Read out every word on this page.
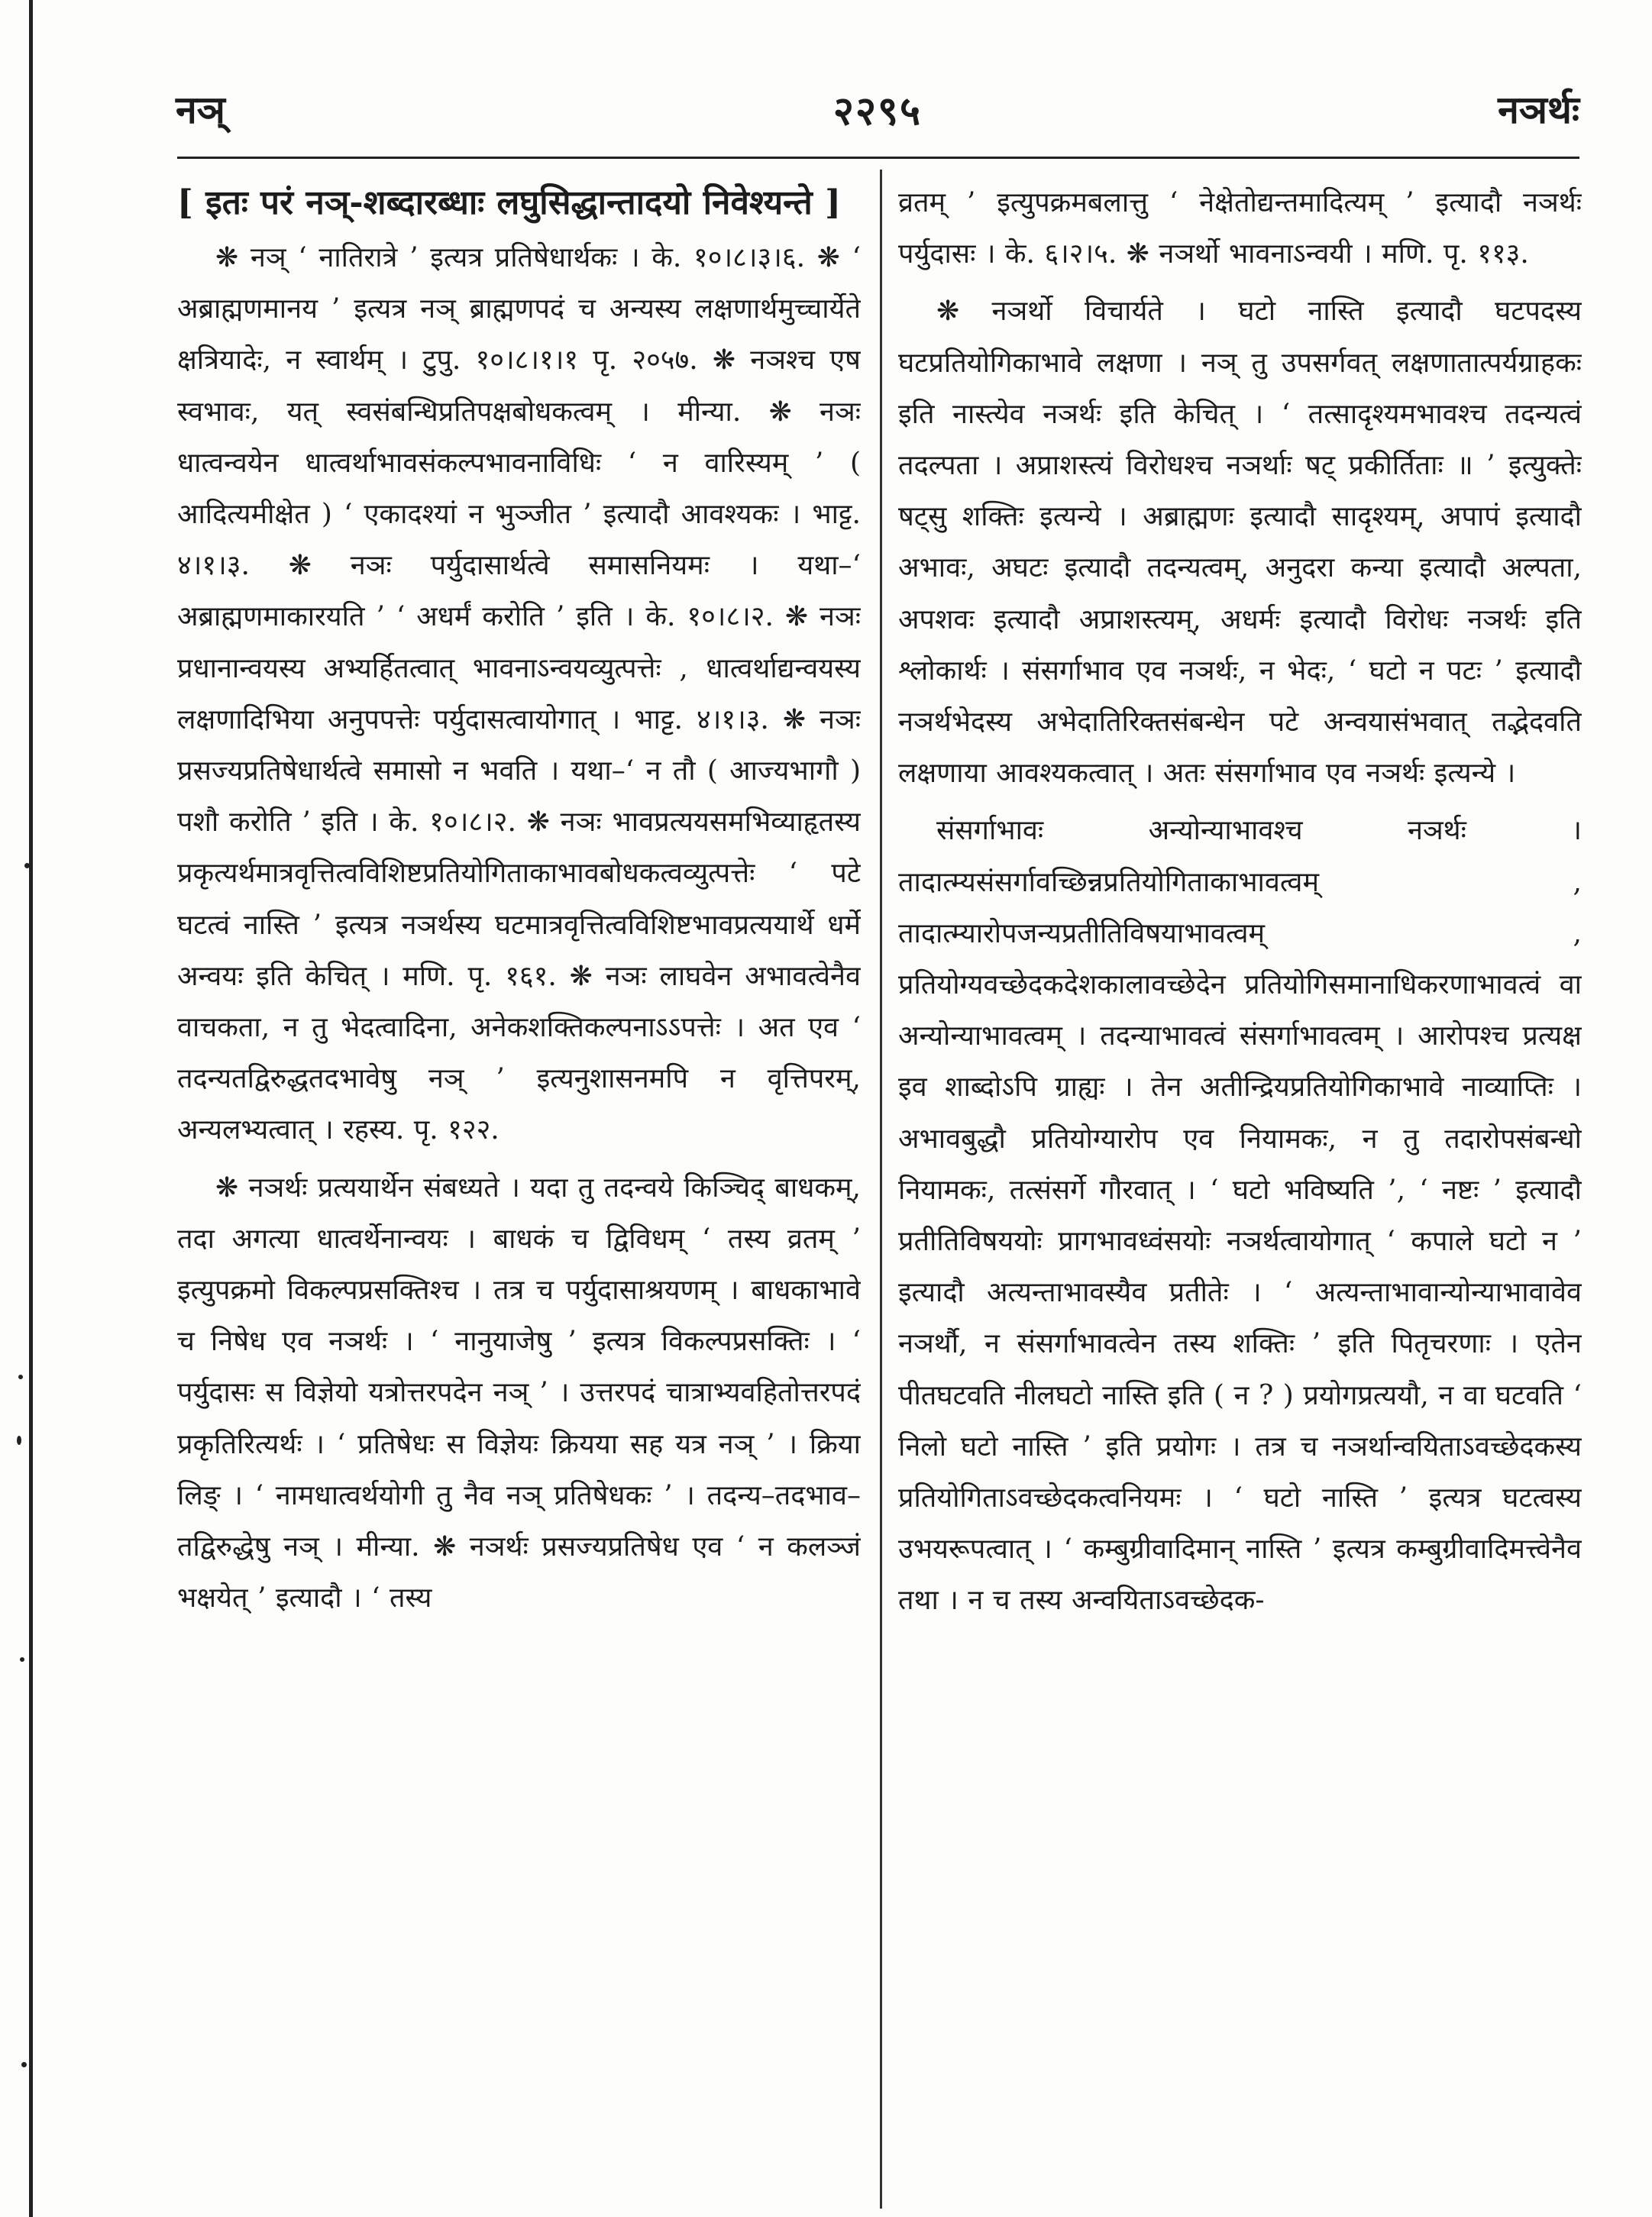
नञ्	२२९५	नञर्थः

[ इतः परं नञ्-शब्दारब्धाः लघुसिद्धान्तादयो निवेश्यन्ते ]

❋ नञ् ‘ नातिरात्रे ’ इत्यत्र प्रतिषेधार्थकः । के. १०।८।३।६. ❋ ‘ अब्राह्मणमानय ’ इत्यत्र नञ् ब्राह्मणपदं च अन्यस्य लक्षणार्थमुच्चार्येते क्षत्रियादेः, न स्वार्थम् । टुपु. १०।८।१।१ पृ. २०५७. ❋ नञश्च एष स्वभावः, यत् स्वसंबन्धिप्रतिपक्षबोधकत्वम् । मीन्या. ❋ नञः धात्वन्वयेन धात्वर्थाभावसंकल्पभावनाविधिः ‘ न वारिस्यम् ’ ( आदित्यमीक्षेत ) ‘ एकादश्यां न भुञ्जीत ’ इत्यादौ आवश्यकः । भाट्ट. ४।१।३. ❋ नञः पर्युदासार्थत्वे समासनियमः । यथा–‘ अब्राह्मणमाकारयति ’ ‘ अधर्मं करोति ’ इति । के. १०।८।२. ❋ नञः प्रधानान्वयस्य अभ्यर्हितत्वात् भावनाऽन्वयव्युत्पत्तेः , धात्वर्थाद्यन्वयस्य लक्षणादिभिया अनुपपत्तेः पर्युदासत्वायोगात् । भाट्ट. ४।१।३. ❋ नञः प्रसज्यप्रतिषेधार्थत्वे समासो न भवति । यथा–‘ न तौ ( आज्यभागौ ) पशौ करोति ’ इति । के. १०।८।२. ❋ नञः भावप्रत्ययसमभिव्याहृतस्य प्रकृत्यर्थमात्रवृत्तित्वविशिष्टप्रतियोगिताकाभावबोधकत्वव्युत्पत्तेः ‘ पटे घटत्वं नास्ति ’ इत्यत्र नञर्थस्य घटमात्रवृत्तित्वविशिष्टभावप्रत्ययार्थे धर्मे अन्वयः इति केचित् । मणि. पृ. १६१. ❋ नञः लाघवेन अभावत्वेनैव वाचकता, न तु भेदत्वादिना, अनेकशक्तिकल्पनाऽऽपत्तेः । अत एव ‘ तदन्यतद्विरुद्धतदभावेषु नञ् ’ इत्यनुशासनमपि न वृत्तिपरम्, अन्यलभ्यत्वात् । रहस्य. पृ. १२२.

❋ नञर्थः प्रत्ययार्थेन संबध्यते । यदा तु तदन्वये किञ्चिद् बाधकम्, तदा अगत्या धात्वर्थेनान्वयः । बाधकं च द्विविधम् ‘ तस्य व्रतम् ’ इत्युपक्रमो विकल्पप्रसक्तिश्च । तत्र च पर्युदासाश्रयणम् । बाधकाभावे च निषेध एव नञर्थः । ‘ नानुयाजेषु ’ इत्यत्र विकल्पप्रसक्तिः । ‘ पर्युदासः स विज्ञेयो यत्रोत्तरपदेन नञ् ’ । उत्तरपदं चात्राभ्यवहितोत्तरपदं प्रकृतिरित्यर्थः । ‘ प्रतिषेधः स विज्ञेयः क्रियया सह यत्र नञ् ’ । क्रिया लिङ् । ‘ नामधात्वर्थयोगी तु नैव नञ् प्रतिषेधकः ’ । तदन्य–तदभाव–तद्विरुद्धेषु नञ् । मीन्या. ❋ नञर्थः प्रसज्यप्रतिषेध एव ‘ न कलञ्जं भक्षयेत् ’ इत्यादौ । ‘ तस्य

व्रतम् ’ इत्युपक्रमबलात्तु ‘ नेक्षेतोद्यन्तमादित्यम् ’ इत्यादौ नञर्थः पर्युदासः । के. ६।२।५. ❋ नञर्थो भावनाऽन्वयी । मणि. पृ. ११३.

❋ नञर्थो विचार्यते । घटो नास्ति इत्यादौ घटपदस्य घटप्रतियोगिकाभावे लक्षणा । नञ् तु उपसर्गवत् लक्षणातात्पर्यग्राहकः इति नास्त्येव नञर्थः इति केचित् । ‘ तत्सादृश्यमभावश्च तदन्यत्वं तदल्पता । अप्राशस्त्यं विरोधश्च नञर्थाः षट् प्रकीर्तिताः ॥ ’ इत्युक्तेः षट्सु शक्तिः इत्यन्ये । अब्राह्मणः इत्यादौ सादृश्यम्, अपापं इत्यादौ अभावः, अघटः इत्यादौ तदन्यत्वम्, अनुदरा कन्या इत्यादौ अल्पता, अपशवः इत्यादौ अप्राशस्त्यम्, अधर्मः इत्यादौ विरोधः नञर्थः इति श्लोकार्थः । संसर्गाभाव एव नञर्थः, न भेदः, ‘ घटो न पटः ’ इत्यादौ नञर्थभेदस्य अभेदातिरिक्तसंबन्धेन पटे अन्वयासंभवात् तद्भेदवति लक्षणाया आवश्यकत्वात् । अतः संसर्गाभाव एव नञर्थः इत्यन्ये ।

संसर्गाभावः अन्योन्याभावश्च नञर्थः । तादात्म्यसंसर्गावच्छिन्नप्रतियोगिताकाभावत्वम् , तादात्म्यारोपजन्यप्रतीतिविषयाभावत्वम् , प्रतियोग्यवच्छेदकदेशकालावच्छेदेन प्रतियोगिसमानाधिकरणाभावत्वं वा अन्योन्याभावत्वम् । तदन्याभावत्वं संसर्गाभावत्वम् । आरोपश्च प्रत्यक्ष इव शाब्दोऽपि ग्राह्यः । तेन अतीन्द्रियप्रतियोगिकाभावे नाव्याप्तिः । अभावबुद्धौ प्रतियोग्यारोप एव नियामकः, न तु तदारोपसंबन्धो नियामकः, तत्संसर्गे गौरवात् । ‘ घटो भविष्यति ’, ‘ नष्टः ’ इत्यादौ प्रतीतिविषययोः प्रागभावध्वंसयोः नञर्थत्वायोगात् ‘ कपाले घटो न ’ इत्यादौ अत्यन्ताभावस्यैव प्रतीतेः । ‘ अत्यन्ताभावान्योन्याभावावेव नञर्थौ, न संसर्गाभावत्वेन तस्य शक्तिः ’ इति पितृचरणाः । एतेन पीतघटवति नीलघटो नास्ति इति ( न ? ) प्रयोगप्रत्ययौ, न वा घटवति ‘ निलो घटो नास्ति ’ इति प्रयोगः । तत्र च नञर्थान्वयिताऽवच्छेदकस्य प्रतियोगिताऽवच्छेदकत्वनियमः । ‘ घटो नास्ति ’ इत्यत्र घटत्वस्य उभयरूपत्वात् । ‘ कम्बुग्रीवादिमान् नास्ति ’ इत्यत्र कम्बुग्रीवादिमत्त्वेनैव तथा । न च तस्य अन्वयिताऽवच्छेदक-
